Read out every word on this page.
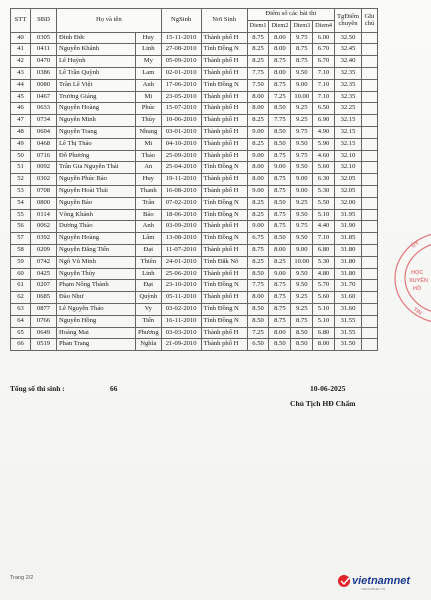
STT	SBD	Họ và tên		NgSinh	Nơi Sinh	Điểm số các bài thi				TgĐiểm chuyên	Ghi chú
						Diem1	Diem2	Diem3	Diem4		
40	0305	Đinh Đức	Huy	15-11-2010	Thành phố H	8.75	8.00	9.75	6.00	32.50	
41	0411	Nguyễn Khánh	Linh	27-08-2010	Tỉnh Đồng N	8.25	8.00	8.75	6.70	32.45	
42	0470	Lê Huỳnh	My	05-09-2010	Thành phố H	8.25	8.75	8.75	6.70	32.40	
43	0386	Lê Trần Quỳnh	Lam	02-01-2010	Thành phố H	7.75	8.00	9.50	7.10	32.35	
44	0080	Trần Lê Việt	Anh	17-06-2010	Tỉnh Đồng N	7.50	8.75	9.00	7.10	32.35	
45	0467	Trương Giáng	Mi	23-05-2010	Thành phố H	8.00	7.25	10.00	7.10	32.35	
46	0633	Nguyễn Hoàng	Phúc	15-07-2010	Thành phố H	8.00	8.50	9.25	6.50	32.25	
47	0734	Nguyễn Minh	Thùy	10-06-2010	Thành phố H	8.25	7.75	9.25	6.90	32.15	
48	0604	Nguyễn Trang	Nhung	03-01-2010	Thành phố H	9.00	8.50	9.75	4.90	32.15	
49	0468	Lê Thị Thảo	Mi	04-10-2010	Thành phố H	8.25	8.50	9.50	5.90	32.15	
50	0716	Đỗ Phương	Thảo	25-09-2010	Thành phố H	9.00	8.75	9.75	4.60	32.10	
51	0092	Trần Gia Nguyễn Thái	An	25-04-2010	Tỉnh Đồng N	8.00	9.00	9.50	5.60	32.10	
52	0302	Nguyễn Phúc Bảo	Huy	19-11-2010	Thành phố H	8.00	8.75	9.00	6.30	32.05	
53	0708	Nguyễn Hoài Thái	Thanh	16-08-2010	Thành phố H	9.00	8.75	9.00	5.30	32.05	
54	0800	Nguyễn Bảo	Trân	07-02-2010	Tỉnh Đồng N	8.25	8.50	9.25	5.50	32.00	
55	0114	Võng Khánh	Bảo	18-06-2010	Tỉnh Đồng N	8.25	8.75	9.50	5.10	31.95	
56	0062	Dương Thảo	Anh	03-09-2010	Thành phố H	9.00	8.75	9.75	4.40	31.90	
57	0392	Nguyễn Hoàng	Lâm	13-08-2010	Tỉnh Đồng N	6.75	8.50	9.50	7.10	31.85	
58	0209	Nguyễn Đăng Tiến	Đạt	11-07-2010	Thành phố H	8.75	8.00	9.00	6.80	31.80	
59	0742	Ngô Vũ Minh	Thiên	24-01-2010	Tỉnh Đắk Nô	8.25	8.25	10.00	5.30	31.80	
60	0425	Nguyễn Thủy	Linh	25-06-2010	Thành phố H	8.50	9.00	9.50	4.80	31.80	
61	0207	Phạm Nông Thành	Đạt	23-10-2010	Tỉnh Đồng N	7.75	8.75	9.50	5.70	31.70	
62	0685	Đào Như	Quỳnh	05-11-2010	Thành phố H	8.00	8.75	9.25	5.60	31.60	
63	0877	Lê Nguyễn Thảo	Vy	03-02-2010	Tỉnh Đồng N	8.50	8.75	9.25	5.10	31.60	
64	0766	Nguyễn Hồng	Tiến	16-11-2010	Tỉnh Đồng N	8.50	8.75	8.75	5.10	31.55	
65	0649	Hoàng Mai	Phương	03-03-2010	Thành phố H	7.25	8.00	8.50	6.80	31.55	
66	0519	Phan Trang	Nghĩa	21-09-2010	Thành phố H	6.50	8.50	8.50	8.00	31.50	
Tổng số thí sinh :	66	10-06-2025
Chủ Tịch HĐ Chấm
ỦY
HỌC
XUYÊN
HỒ
TIN
vietnamnet
VIETNAMNET.VN
Trang 2/2
